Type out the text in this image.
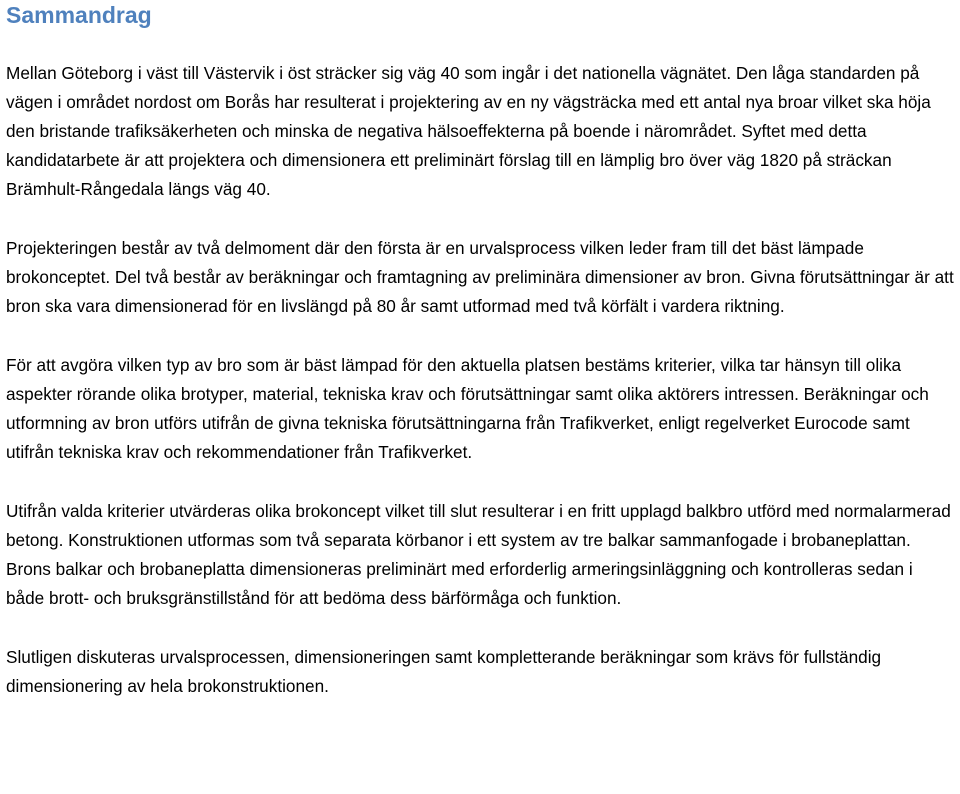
Sammandrag

Mellan Göteborg i väst till Västervik i öst sträcker sig väg 40 som ingår i det nationella vägnätet. Den låga standarden på vägen i området nordost om Borås har resulterat i projektering av en ny vägsträcka med ett antal nya broar vilket ska höja den bristande trafiksäkerheten och minska de negativa hälsoeffekterna på boende i närområdet. Syftet med detta kandidatarbete är att projektera och dimensionera ett preliminärt förslag till en lämplig bro över väg 1820 på sträckan Brämhult-Rångedala längs väg 40.

Projekteringen består av två delmoment där den första är en urvalsprocess vilken leder fram till det bäst lämpade brokonceptet. Del två består av beräkningar och framtagning av preliminära dimensioner av bron. Givna förutsättningar är att bron ska vara dimensionerad för en livslängd på 80 år samt utformad med två körfält i vardera riktning.

För att avgöra vilken typ av bro som är bäst lämpad för den aktuella platsen bestäms kriterier, vilka tar hänsyn till olika aspekter rörande olika brotyper, material, tekniska krav och förutsättningar samt olika aktörers intressen. Beräkningar och utformning av bron utförs utifrån de givna tekniska förutsättningarna från Trafikverket, enligt regelverket Eurocode samt utifrån tekniska krav och rekommendationer från Trafikverket.

Utifrån valda kriterier utvärderas olika brokoncept vilket till slut resulterar i en fritt upplagd balkbro utförd med normalarmerad betong. Konstruktionen utformas som två separata körbanor i ett system av tre balkar sammanfogade i brobaneplattan. Brons balkar och brobaneplatta dimensioneras preliminärt med erforderlig armeringsinläggning och kontrolleras sedan i både brott- och bruksgränstillstånd för att bedöma dess bärförmåga och funktion.

Slutligen diskuteras urvalsprocessen, dimensioneringen samt kompletterande beräkningar som krävs för fullständig dimensionering av hela brokonstruktionen.
